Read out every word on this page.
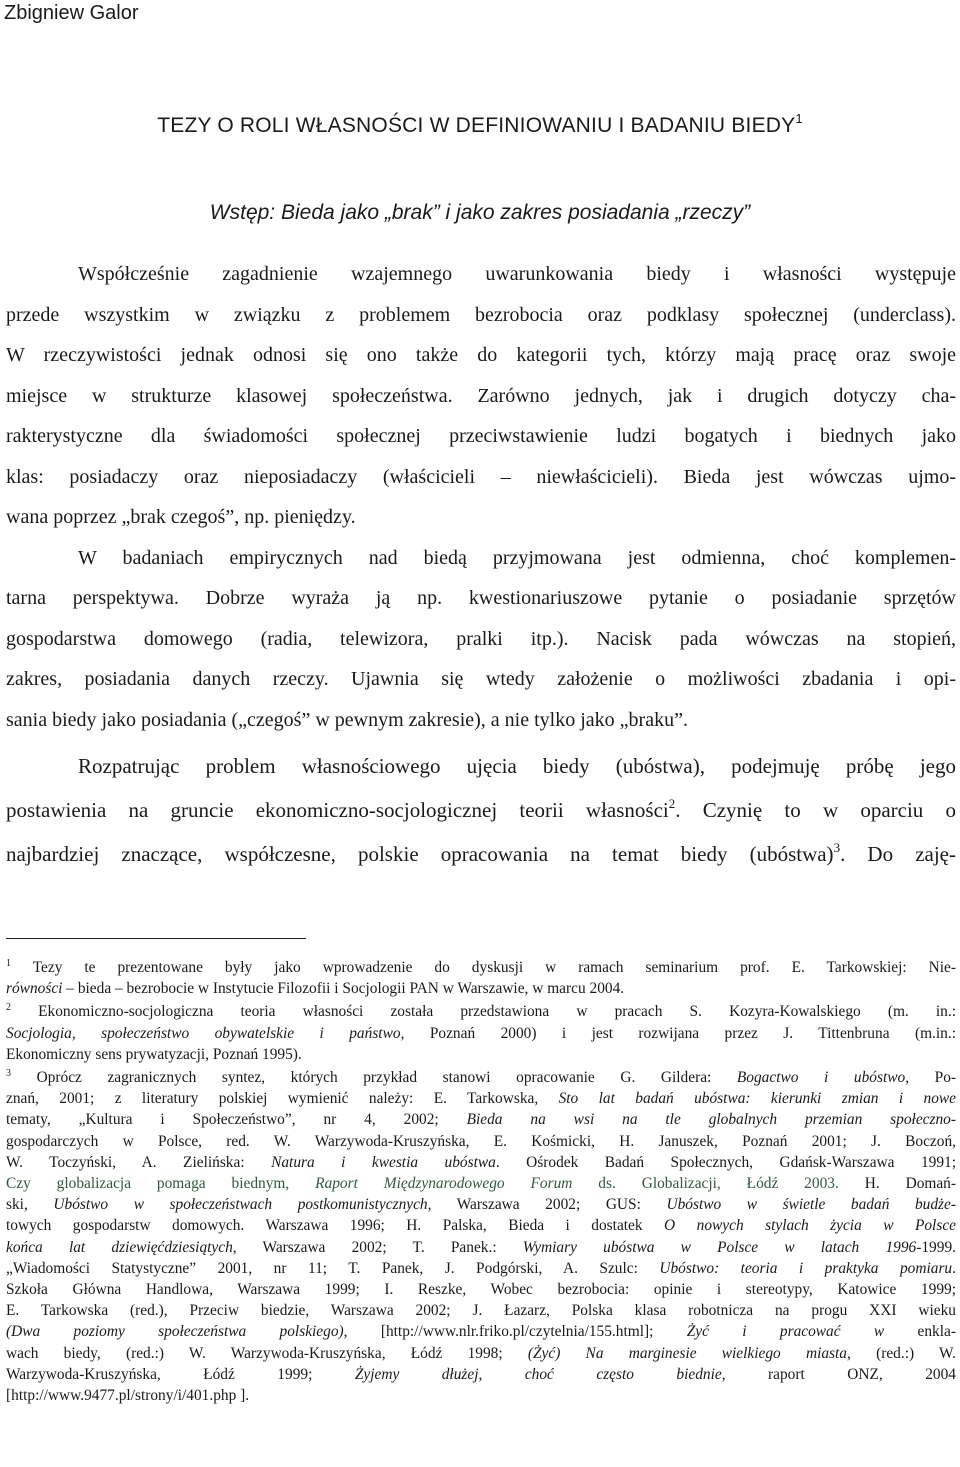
Zbigniew Galor
TEZY O ROLI WŁASNOŚCI W DEFINIOWANIU I BADANIU BIEDY$^1$
Wstęp: Bieda jako „brak” i jako zakres posiadania „rzeczy”
Współcześnie zagadnienie wzajemnego uwarunkowania biedy i własności występuje
przede wszystkim w związku z problemem bezrobocia oraz podklasy społecznej (underclass).
W rzeczywistości jednak odnosi się ono także do kategorii tych, którzy mają pracę oraz swoje
miejsce w strukturze klasowej społeczeństwa. Zarówno jednych, jak i drugich dotyczy cha-
rakterystyczne dla świadomości społecznej przeciwstawienie ludzi bogatych i biednych jako
klas: posiadaczy oraz nieposiadaczy (właścicieli – niewłaścicieli). Bieda jest wówczas ujmo-
wana poprzez „brak czegoś”, np. pieniędzy.
W badaniach empirycznych nad biedą przyjmowana jest odmienna, choć komplemen-
tarna perspektywa. Dobrze wyraża ją np. kwestionariuszowe pytanie o posiadanie sprzętów
gospodarstwa domowego (radia, telewizora, pralki itp.). Nacisk pada wówczas na stopień,
zakres, posiadania danych rzeczy. Ujawnia się wtedy założenie o możliwości zbadania i opi-
sania biedy jako posiadania („czegoś” w pewnym zakresie), a nie tylko jako „braku”.
Rozpatrując problem własnościowego ujęcia biedy (ubóstwa), podejmuję próbę jego
postawienia na gruncie ekonomiczno-socjologicznej teorii własności$^2$. Czynię to w oparciu o
najbardziej znaczące, współczesne, polskie opracowania na temat biedy (ubóstwa)$^3$. Do zaję-
$^1$ Tezy te prezentowane były jako wprowadzenie do dyskusji w ramach seminarium prof. E. Tarkowskiej: Nie-
równości – bieda – bezrobocie w Instytucie Filozofii i Socjologii PAN w Warszawie, w marcu 2004.
$^2$ Ekonomiczno-socjologiczna teoria własności została przedstawiona w pracach S. Kozyra-Kowalskiego (m. in.:
Socjologia, społeczeństwo obywatelskie i państwo, Poznań 2000) i jest rozwijana przez J. Tittenbruna (m.in.:
Ekonomiczny sens prywatyzacji, Poznań 1995).
$^3$ Oprócz zagranicznych syntez, których przykład stanowi opracowanie G. Gildera: Bogactwo i ubóstwo, Po-
znań, 2001; z literatury polskiej wymienić należy: E. Tarkowska, Sto lat badań ubóstwa: kierunki zmian i nowe
tematy, „Kultura i Społeczeństwo”, nr 4, 2002; Bieda na wsi na tle globalnych przemian społeczno-
gospodarczych w Polsce, red. W. Warzywoda-Kruszyńska, E. Kośmicki, H. Januszek, Poznań 2001; J. Boczoń,
W. Toczyński, A. Zielińska: Natura i kwestia ubóstwa. Ośrodek Badań Społecznych, Gdańsk-Warszawa 1991;
Czy globalizacja pomaga biednym, Raport Międzynarodowego Forum ds. Globalizacji, Łódź 2003. H. Domań-
ski, Ubóstwo w społeczeństwach postkomunistycznych, Warszawa 2002; GUS: Ubóstwo w świetle badań budże-
towych gospodarstw domowych. Warszawa 1996; H. Palska, Bieda i dostatek O nowych stylach życia w Polsce
końca lat dziewięćdziesiątych, Warszawa 2002; T. Panek.: Wymiary ubóstwa w Polsce w latach 1996-1999.
„Wiadomości Statystyczne” 2001, nr 11; T. Panek, J. Podgórski, A. Szulc: Ubóstwo: teoria i praktyka pomiaru.
Szkoła Główna Handlowa, Warszawa 1999; I. Reszke, Wobec bezrobocia: opinie i stereotypy, Katowice 1999;
E. Tarkowska (red.), Przeciw biedzie, Warszawa 2002; J. Łazarz, Polska klasa robotnicza na progu XXI wieku
(Dwa poziomy społeczeństwa polskiego), [http://www.nlr.friko.pl/czytelnia/155.html]; Żyć i pracować w enkla-
wach biedy, (red.:) W. Warzywoda-Kruszyńska, Łódź 1998; (Żyć) Na marginesie wielkiego miasta, (red.:) W.
Warzywoda-Kruszyńska, Łódź 1999; Żyjemy dłużej, choć często biednie, raport ONZ, 2004
[http://www.9477.pl/strony/i/401.php ].
